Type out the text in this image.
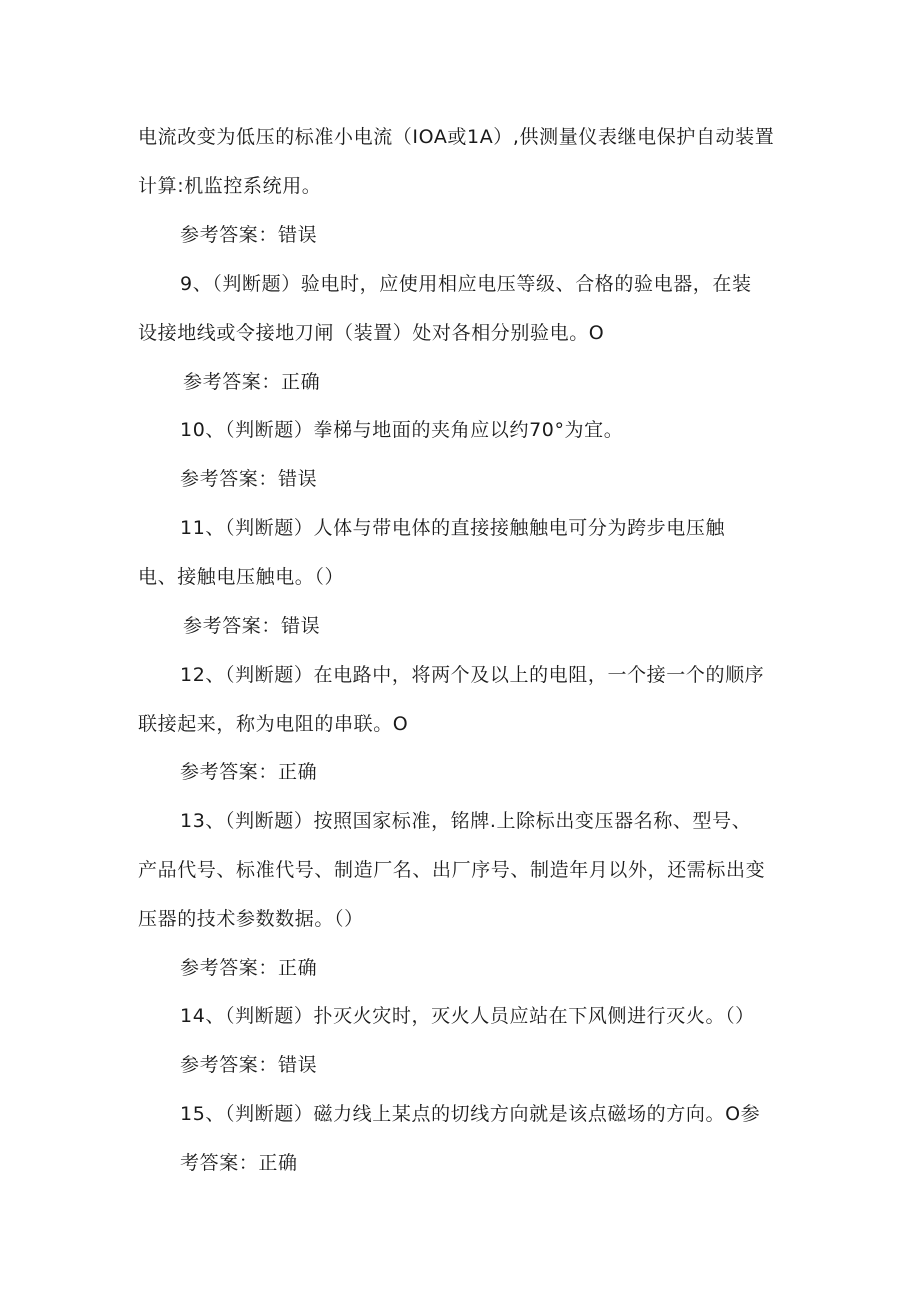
电流改变为低压的标准小电流（IOA或1A）,供测量仪表继电保护自动装置
计算:机监控系统用。
参考答案：错误
9、（判断题）验电时，应使用相应电压等级、合格的验电器，在装
设接地线或令接地刀闸（装置）处对各相分别验电。O
参考答案：正确
10、（判断题）拳梯与地面的夹角应以约70°为宜。
参考答案：错误
11、（判断题）人体与带电体的直接接触触电可分为跨步电压触
电、接触电压触电。（）
参考答案：错误
12、（判断题）在电路中，将两个及以上的电阻，一个接一个的顺序
联接起来，称为电阻的串联。O
参考答案：正确
13、（判断题）按照国家标准，铭牌.上除标出变压器名称、型号、
产品代号、标准代号、制造厂名、出厂序号、制造年月以外，还需标出变
压器的技术参数数据。（）
参考答案：正确
14、（判断题）扑灭火灾时，灭火人员应站在下风侧进行灭火。（）
参考答案：错误
15、（判断题）磁力线上某点的切线方向就是该点磁场的方向。O参
考答案：正确
